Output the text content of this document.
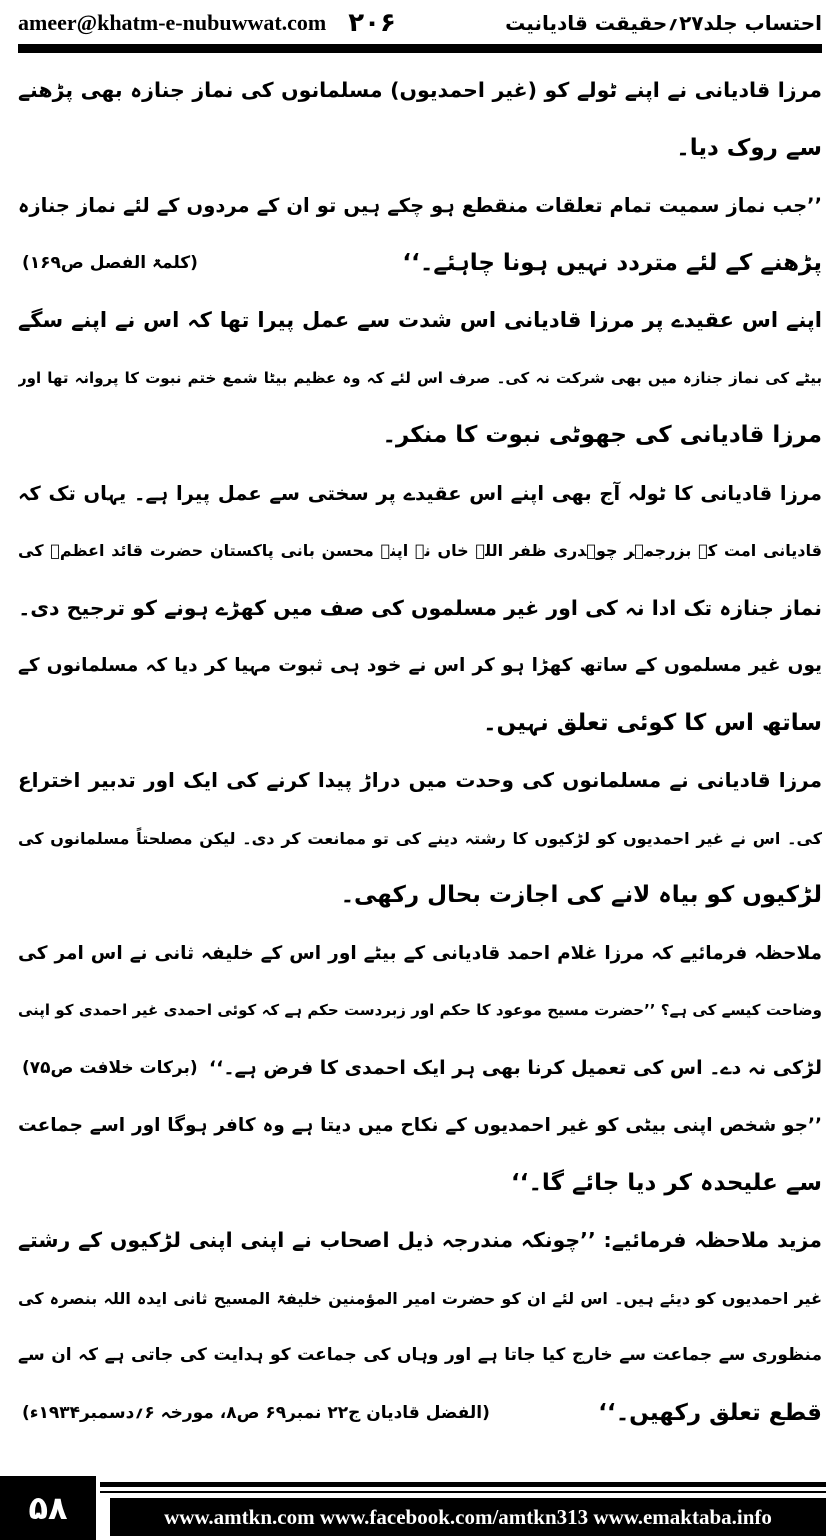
ameer@khatm-e-nubuwwat.com ۲۰۶	احتساب جلد۲۷؍حقیقت قادیانیت
مرزا قادیانی نے اپنے ٹولے کو (غیر احمدیوں) مسلمانوں کی نماز جنازہ بھی پڑھنے
سے روک دیا۔
’’جب نماز سمیت تمام تعلقات منقطع ہو چکے ہیں تو ان کے مردوں کے لئے نماز جنازہ
پڑھنے کے لئے متردد نہیں ہونا چاہئے۔‘‘
(کلمۃ الفصل ص۱۶۹)
اپنے اس عقیدے پر مرزا قادیانی اس شدت سے عمل پیرا تھا کہ اس نے اپنے سگے
بیٹے کی نماز جنازہ میں بھی شرکت نہ کی۔ صرف اس لئے کہ وہ عظیم بیٹا شمع ختم نبوت کا پروانہ تھا اور
مرزا قادیانی کی جھوٹی نبوت کا منکر۔
مرزا قادیانی کا ٹولہ آج بھی اپنے اس عقیدے پر سختی سے عمل پیرا ہے۔ یہاں تک کہ
قادیانی امت کے بزرجمہر چوہدری ظفر اللہ خاں نے اپنے محسن بانی پاکستان حضرت قائد اعظمؒ کی
نماز جنازہ تک ادا نہ کی اور غیر مسلموں کی صف میں کھڑے ہونے کو ترجیح دی۔
یوں غیر مسلموں کے ساتھ کھڑا ہو کر اس نے خود ہی ثبوت مہیا کر دیا کہ مسلمانوں کے
ساتھ اس کا کوئی تعلق نہیں۔
مرزا قادیانی نے مسلمانوں کی وحدت میں دراڑ پیدا کرنے کی ایک اور تدبیر اختراع
کی۔ اس نے غیر احمدیوں کو لڑکیوں کا رشتہ دینے کی تو ممانعت کر دی۔ لیکن مصلحتاً مسلمانوں کی
لڑکیوں کو بیاہ لانے کی اجازت بحال رکھی۔
ملاحظہ فرمائیے کہ مرزا غلام احمد قادیانی کے بیٹے اور اس کے خلیفہ ثانی نے اس امر کی
وضاحت کیسے کی ہے؟ ’’حضرت مسیح موعود کا حکم اور زبردست حکم ہے کہ کوئی احمدی غیر احمدی کو اپنی
لڑکی نہ دے۔ اس کی تعمیل کرنا بھی ہر ایک احمدی کا فرض ہے۔‘‘
(برکات خلافت ص۷۵)
’’جو شخص اپنی بیٹی کو غیر احمدیوں کے نکاح میں دیتا ہے وہ کافر ہوگا اور اسے جماعت
سے علیحدہ کر دیا جائے گا۔‘‘
مزید ملاحظہ فرمائیے: ’’چونکہ مندرجہ ذیل اصحاب نے اپنی اپنی لڑکیوں کے رشتے
غیر احمدیوں کو دیئے ہیں۔ اس لئے ان کو حضرت امیر المؤمنین خلیفۃ المسیح ثانی ایدہ اللہ بنصرہ کی
منظوری سے جماعت سے خارج کیا جاتا ہے اور وہاں کی جماعت کو ہدایت کی جاتی ہے کہ ان سے
قطع تعلق رکھیں۔‘‘
(الفضل قادیان ج۲۲ نمبر۶۹ ص۸، مورخہ ۶؍دسمبر۱۹۳۴ء)
۵۸	www.amtkn.com www.facebook.com/amtkn313 www.emaktaba.info
